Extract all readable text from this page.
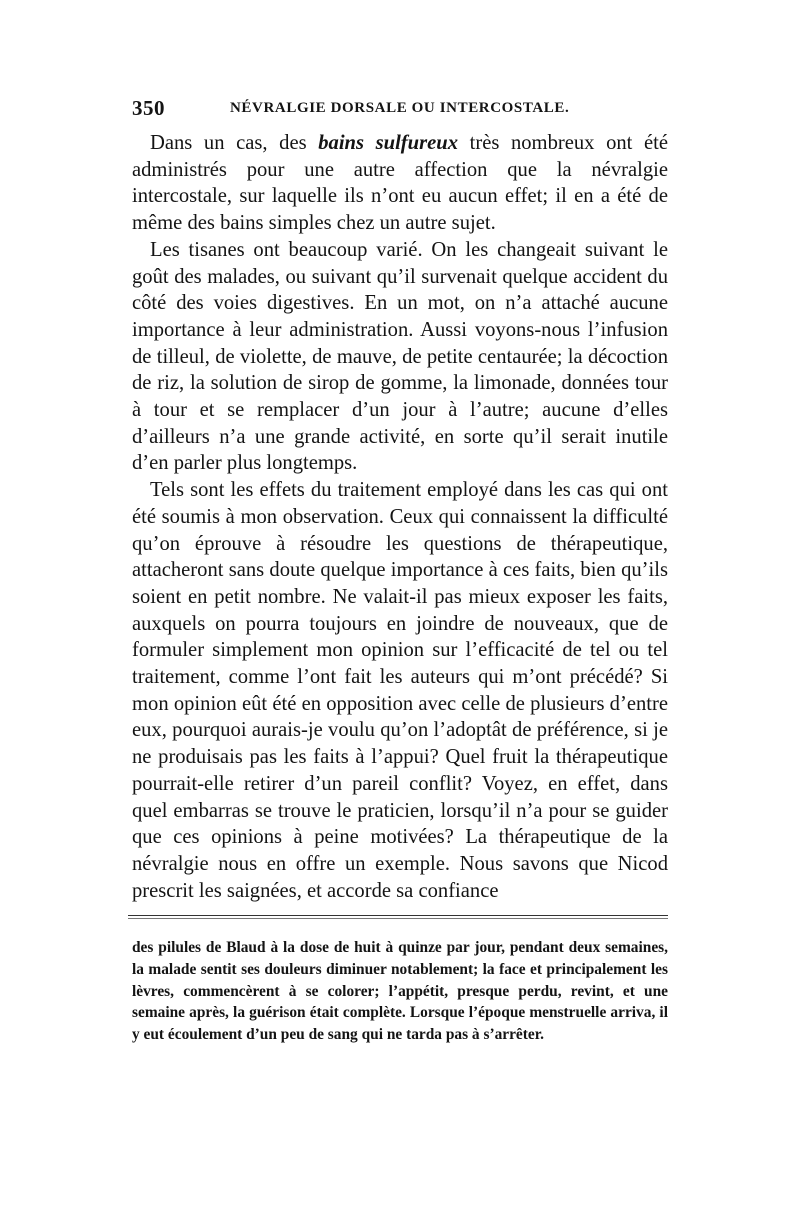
350	NÉVRALGIE DORSALE OU INTERCOSTALE.

Dans un cas, des bains sulfureux très nombreux ont été administrés pour une autre affection que la névralgie intercostale, sur laquelle ils n’ont eu aucun effet; il en a été de même des bains simples chez un autre sujet.

Les tisanes ont beaucoup varié. On les changeait suivant le goût des malades, ou suivant qu’il survenait quelque accident du côté des voies digestives. En un mot, on n’a attaché aucune importance à leur administration. Aussi voyons-nous l’infusion de tilleul, de violette, de mauve, de petite centaurée; la décoction de riz, la solution de sirop de gomme, la limonade, données tour à tour et se remplacer d’un jour à l’autre; aucune d’elles d’ailleurs n’a une grande activité, en sorte qu’il serait inutile d’en parler plus longtemps.

Tels sont les effets du traitement employé dans les cas qui ont été soumis à mon observation. Ceux qui connaissent la difficulté qu’on éprouve à résoudre les questions de thérapeutique, attacheront sans doute quelque importance à ces faits, bien qu’ils soient en petit nombre. Ne valait-il pas mieux exposer les faits, auxquels on pourra toujours en joindre de nouveaux, que de formuler simplement mon opinion sur l’efficacité de tel ou tel traitement, comme l’ont fait les auteurs qui m’ont précédé? Si mon opinion eût été en opposition avec celle de plusieurs d’entre eux, pourquoi aurais-je voulu qu’on l’adoptât de préférence, si je ne produisais pas les faits à l’appui? Quel fruit la thérapeutique pourrait-elle retirer d’un pareil conflit? Voyez, en effet, dans quel embarras se trouve le praticien, lorsqu’il n’a pour se guider que ces opinions à peine motivées? La thérapeutique de la névralgie nous en offre un exemple. Nous savons que Nicod prescrit les saignées, et accorde sa confiance

des pilules de Blaud à la dose de huit à quinze par jour, pendant deux semaines, la malade sentit ses douleurs diminuer notablement; la face et principalement les lèvres, commencèrent à se colorer; l’appétit, presque perdu, revint, et une semaine après, la guérison était complète. Lorsque l’époque menstruelle arriva, il y eut écoulement d’un peu de sang qui ne tarda pas à s’arrêter.
